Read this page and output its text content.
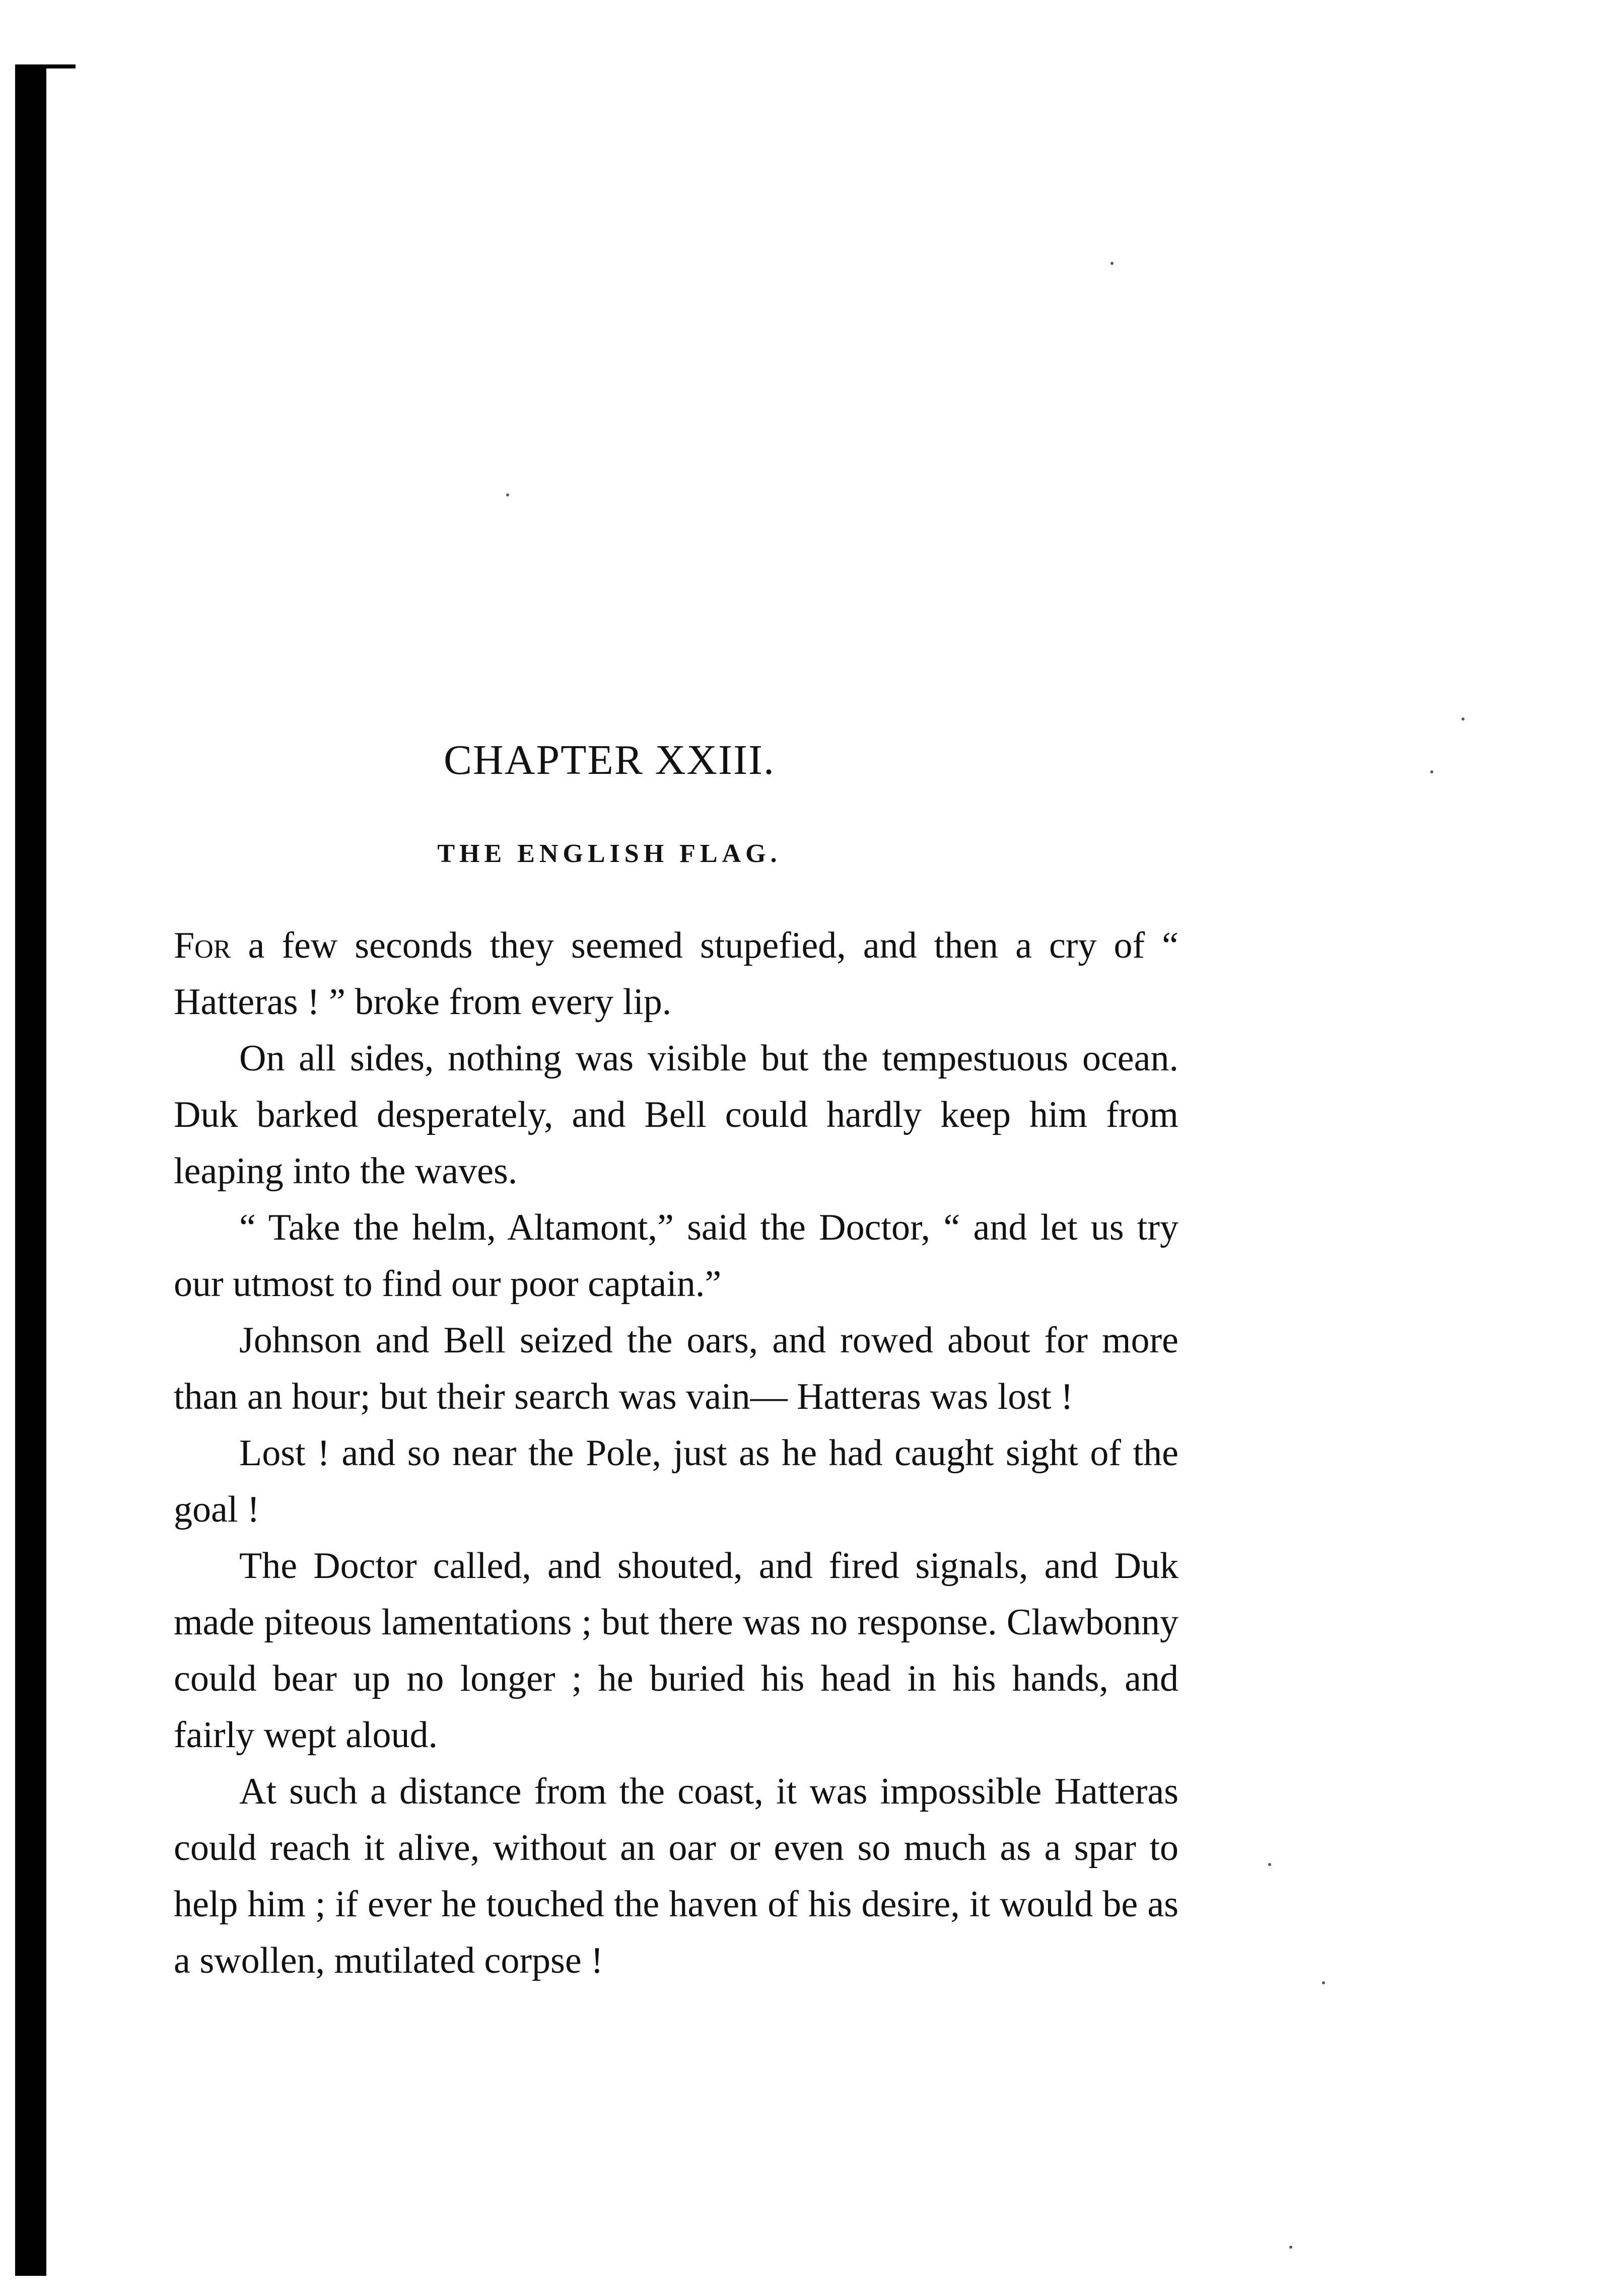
CHAPTER XXIII.
THE ENGLISH FLAG.

For a few seconds they seemed stupefied, and then a cry of “ Hatteras ! ” broke from every lip.

On all sides, nothing was visible but the tempestuous ocean. Duk barked desperately, and Bell could hardly keep him from leaping into the waves.

“ Take the helm, Altamont,” said the Doctor, “ and let us try our utmost to find our poor captain.”

Johnson and Bell seized the oars, and rowed about for more than an hour; but their search was vain— Hatteras was lost !

Lost ! and so near the Pole, just as he had caught sight of the goal !

The Doctor called, and shouted, and fired signals, and Duk made piteous lamentations ; but there was no response. Clawbonny could bear up no longer ; he buried his head in his hands, and fairly wept aloud.

At such a distance from the coast, it was impossible Hatteras could reach it alive, without an oar or even so much as a spar to help him ; if ever he touched the haven of his desire, it would be as a swollen, mutilated corpse !
